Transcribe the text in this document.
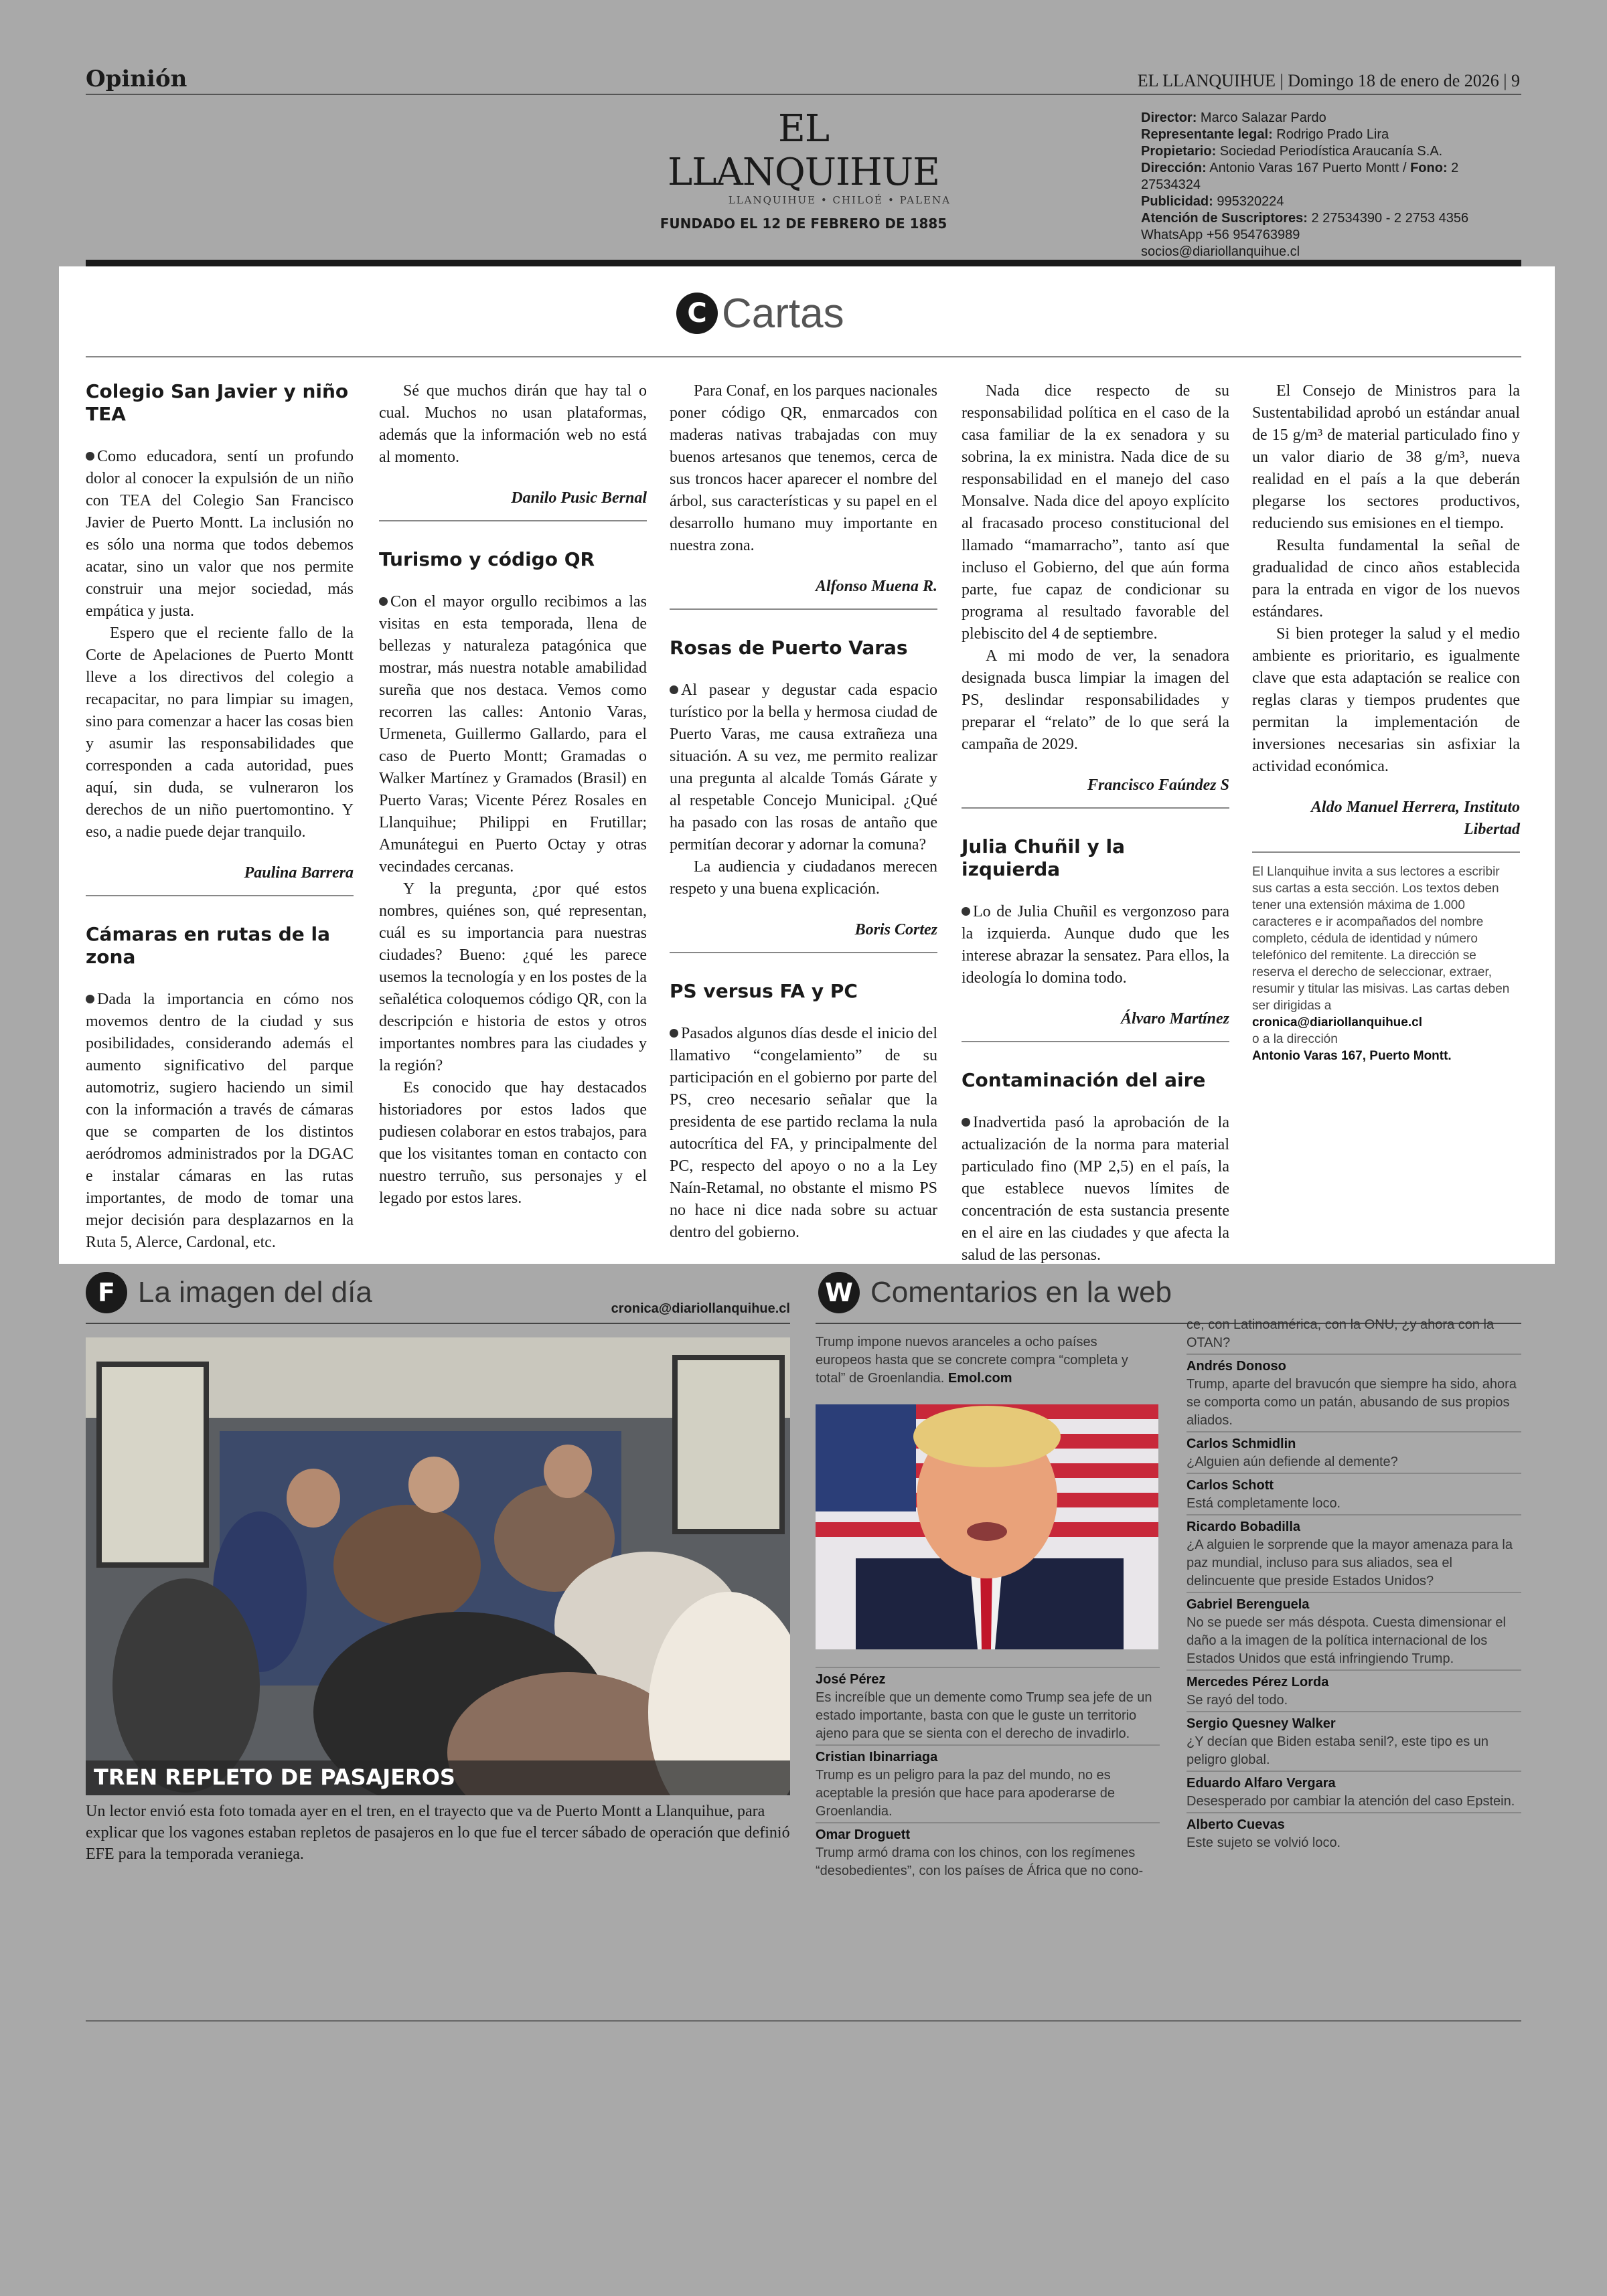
Opinión	EL LLANQUIHUE | Domingo 18 de enero de 2026 | 9
EL LLANQUIHUE
LLANQUIHUE • CHILOÉ • PALENA
FUNDADO EL 12 DE FEBRERO DE 1885
Director: Marco Salazar Pardo
Representante legal: Rodrigo Prado Lira
Propietario: Sociedad Periodística Araucanía S.A.
Dirección: Antonio Varas 167 Puerto Montt / Fono: 2 27534324
Publicidad: 995320224
Atención de Suscriptores: 2 27534390 - 2 2753 4356
WhatsApp +56 954763989
socios@diariollanquihue.cl
C Cartas
Colegio San Javier y niño TEA

Como educadora, sentí un profundo dolor al conocer la expulsión de un niño con TEA del Colegio San Francisco Javier de Puerto Montt. La inclusión no es sólo una norma que todos debemos acatar, sino un valor que nos permite construir una mejor sociedad, más empática y justa.

Espero que el reciente fallo de la Corte de Apelaciones de Puerto Montt lleve a los directivos del colegio a recapacitar, no para limpiar su imagen, sino para comenzar a hacer las cosas bien y asumir las responsabilidades que corresponden a cada autoridad, pues aquí, sin duda, se vulneraron los derechos de un niño puertomontino. Y eso, a nadie puede dejar tranquilo.

Paulina Barrera

Cámaras en rutas de la zona

Dada la importancia en cómo nos movemos dentro de la ciudad y sus posibilidades, considerando además el aumento significativo del parque automotriz, sugiero haciendo un simil con la información a través de cámaras que se comparten de los distintos aeródromos administrados por la DGAC e instalar cámaras en las rutas importantes, de modo de tomar una mejor decisión para desplazarnos en la Ruta 5, Alerce, Cardonal, etc.

Sé que muchos dirán que hay tal o cual. Muchos no usan plataformas, además que la información web no está al momento.

Danilo Pusic Bernal

Turismo y código QR

Con el mayor orgullo recibimos a las visitas en esta temporada, llena de bellezas y naturaleza patagónica que mostrar, más nuestra notable amabilidad sureña que nos destaca. Vemos como recorren las calles: Antonio Varas, Urmeneta, Guillermo Gallardo, para el caso de Puerto Montt; Gramadas o Walker Martínez y Gramados (Brasil) en Puerto Varas; Vicente Pérez Rosales en Llanquihue; Philippi en Frutillar; Amunátegui en Puerto Octay y otras vecindades cercanas.

Y la pregunta, ¿por qué estos nombres, quiénes son, qué representan, cuál es su importancia para nuestras ciudades? Bueno: ¿qué les parece usemos la tecnología y en los postes de la señalética coloquemos código QR, con la descripción e historia de estos y otros importantes nombres para las ciudades y la región?

Es conocido que hay destacados historiadores por estos lados que pudiesen colaborar en estos trabajos, para que los visitantes toman en contacto con nuestro terruño, sus personajes y el legado por estos lares.

Para Conaf, en los parques nacionales poner código QR, enmarcados con maderas nativas trabajadas con muy buenos artesanos que tenemos, cerca de sus troncos hacer aparecer el nombre del árbol, sus características y su papel en el desarrollo humano muy importante en nuestra zona.

Alfonso Muena R.

Rosas de Puerto Varas

Al pasear y degustar cada espacio turístico por la bella y hermosa ciudad de Puerto Varas, me causa extrañeza una situación. A su vez, me permito realizar una pregunta al alcalde Tomás Gárate y al respetable Concejo Municipal. ¿Qué ha pasado con las rosas de antaño que permitían decorar y adornar la comuna?

La audiencia y ciudadanos merecen respeto y una buena explicación.

Boris Cortez

PS versus FA y PC

Pasados algunos días desde el inicio del llamativo “congelamiento” de su participación en el gobierno por parte del PS, creo necesario señalar que la presidenta de ese partido reclama la nula autocrítica del FA, y principalmente del PC, respecto del apoyo o no a la Ley Naín-Retamal, no obstante el mismo PS no hace ni dice nada sobre su actuar dentro del gobierno.

Nada dice respecto de su responsabilidad política en el caso de la casa familiar de la ex senadora y su sobrina, la ex ministra. Nada dice de su responsabilidad en el manejo del caso Monsalve. Nada dice del apoyo explícito al fracasado proceso constitucional del llamado “mamarracho”, tanto así que incluso el Gobierno, del que aún forma parte, fue capaz de condicionar su programa al resultado favorable del plebiscito del 4 de septiembre.

A mi modo de ver, la senadora designada busca limpiar la imagen del PS, deslindar responsabilidades y preparar el “relato” de lo que será la campaña de 2029.

Francisco Faúndez S

Julia Chuñil y la izquierda

Lo de Julia Chuñil es vergonzoso para la izquierda. Aunque dudo que les interese abrazar la sensatez. Para ellos, la ideología lo domina todo.

Álvaro Martínez

Contaminación del aire

Inadvertida pasó la aprobación de la actualización de la norma para material particulado fino (MP 2,5) en el país, la que establece nuevos límites de concentración de esta sustancia presente en el aire en las ciudades y que afecta la salud de las personas.

El Consejo de Ministros para la Sustentabilidad aprobó un estándar anual de 15 g/m³ de material particulado fino y un valor diario de 38 g/m³, nueva realidad en el país a la que deberán plegarse los sectores productivos, reduciendo sus emisiones en el tiempo.

Resulta fundamental la señal de gradualidad de cinco años establecida para la entrada en vigor de los nuevos estándares.

Si bien proteger la salud y el medio ambiente es prioritario, es igualmente clave que esta adaptación se realice con reglas claras y tiempos prudentes que permitan la implementación de inversiones necesarias sin asfixiar la actividad económica.

Aldo Manuel Herrera, Instituto Libertad

El Llanquihue invita a sus lectores a escribir sus cartas a esta sección. Los textos deben tener una extensión máxima de 1.000 caracteres e ir acompañados del nombre completo, cédula de identidad y número telefónico del remitente. La dirección se reserva el derecho de seleccionar, extraer, resumir y titular las misivas. Las cartas deben ser dirigidas a
cronica@diariollanquihue.cl
o a la dirección
Antonio Varas 167, Puerto Montt.
F La imagen del día	cronica@diariollanquihue.cl
TREN REPLETO DE PASAJEROS
Un lector envió esta foto tomada ayer en el tren, en el trayecto que va de Puerto Montt a Llanquihue, para explicar que los vagones estaban repletos de pasajeros en lo que fue el tercer sábado de operación que definió EFE para la temporada veraniega.
W Comentarios en la web
Trump impone nuevos aranceles a ocho países europeos hasta que se concrete compra “completa y total” de Groenlandia. Emol.com
José Pérez
Es increíble que un demente como Trump sea jefe de un estado importante, basta con que le guste un territorio ajeno para que se sienta con el derecho de invadirlo.
Cristian Ibinarriaga
Trump es un peligro para la paz del mundo, no es aceptable la presión que hace para apoderarse de Groenlandia.
Omar Droguett
Trump armó drama con los chinos, con los regímenes “desobedientes”, con los países de África que no cono-
ce, con Latinoamérica, con la ONU, ¿y ahora con la OTAN?
Andrés Donoso
Trump, aparte del bravucón que siempre ha sido, ahora se comporta como un patán, abusando de sus propios aliados.
Carlos Schmidlin
¿Alguien aún defiende al demente?
Carlos Schott
Está completamente loco.
Ricardo Bobadilla
¿A alguien le sorprende que la mayor amenaza para la paz mundial, incluso para sus aliados, sea el delincuente que preside Estados Unidos?
Gabriel Berenguela
No se puede ser más déspota. Cuesta dimensionar el daño a la imagen de la política internacional de los Estados Unidos que está infringiendo Trump.
Mercedes Pérez Lorda
Se rayó del todo.
Sergio Quesney Walker
¿Y decían que Biden estaba senil?, este tipo es un peligro global.
Eduardo Alfaro Vergara
Desesperado por cambiar la atención del caso Epstein.
Alberto Cuevas
Este sujeto se volvió loco.
